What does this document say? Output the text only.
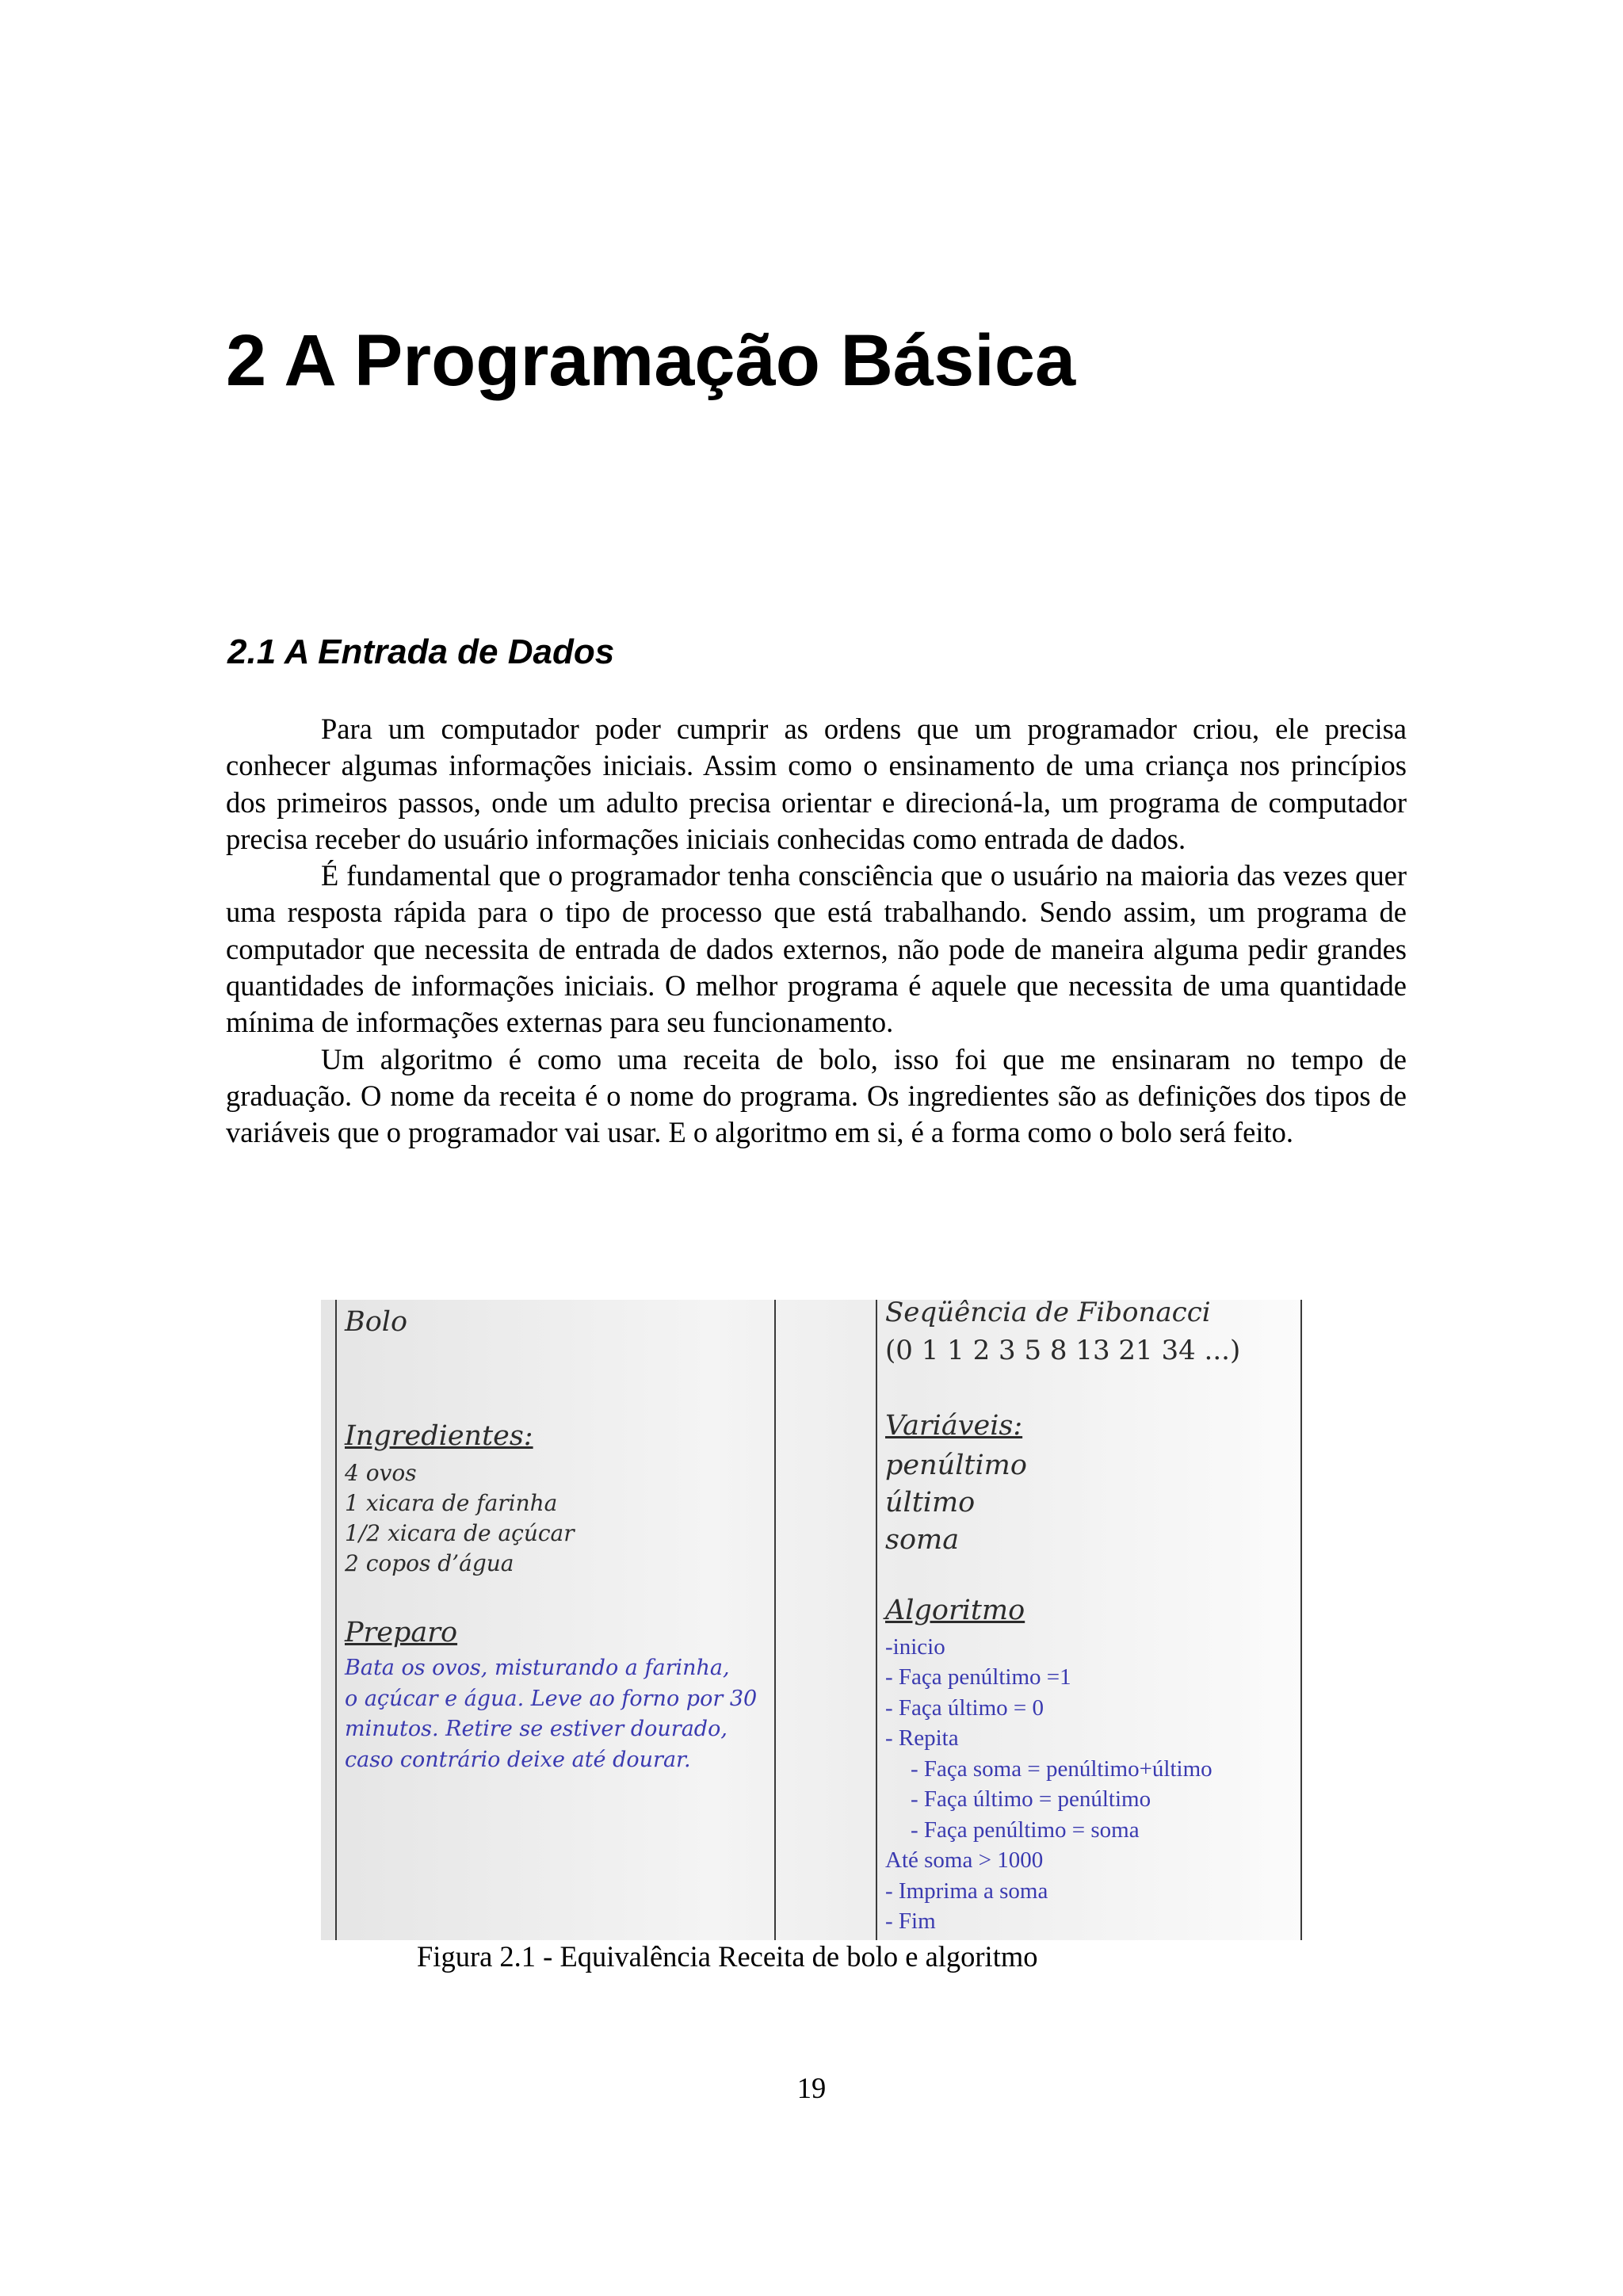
2 A Programação Básica
2.1 A Entrada de Dados

Para um computador poder cumprir as ordens que um programador criou, ele precisa conhecer algumas informações iniciais. Assim como o ensinamento de uma criança nos princípios dos primeiros passos, onde um adulto precisa orientar e direcioná-la, um programa de computador precisa receber do usuário informações iniciais conhecidas como entrada de dados.

É fundamental que o programador tenha consciência que o usuário na maioria das vezes quer uma resposta rápida para o tipo de processo que está trabalhando. Sendo assim, um programa de computador que necessita de entrada de dados externos, não pode de maneira alguma pedir grandes quantidades de informações iniciais. O melhor programa é aquele que necessita de uma quantidade mínima de informações externas para seu funcionamento.

Um algoritmo é como uma receita de bolo, isso foi que me ensinaram no tempo de graduação. O nome da receita é o nome do programa. Os ingredientes são as definições dos tipos de variáveis que o programador vai usar. E o algoritmo em si, é a forma como o bolo será feito.

Bolo
Ingredientes:
4 ovos
1 xicara de farinha
1/2 xicara de açúcar
2 copos d’água
Preparo
Bata os ovos, misturando a farinha,
o açúcar e água. Leve ao forno por 30
minutos. Retire se estiver dourado,
caso contrário deixe até dourar.
Seqüência de Fibonacci
(0 1 1 2 3 5 8 13 21 34 ...)
Variáveis:
penúltimo
último
soma
Algoritmo
-inicio
- Faça penúltimo =1
- Faça último = 0
- Repita
- Faça soma = penúltimo+último
- Faça último = penúltimo
- Faça penúltimo = soma
Até soma > 1000
- Imprima a soma
- Fim
Figura 2.1 - Equivalência Receita de bolo e algoritmo
19
